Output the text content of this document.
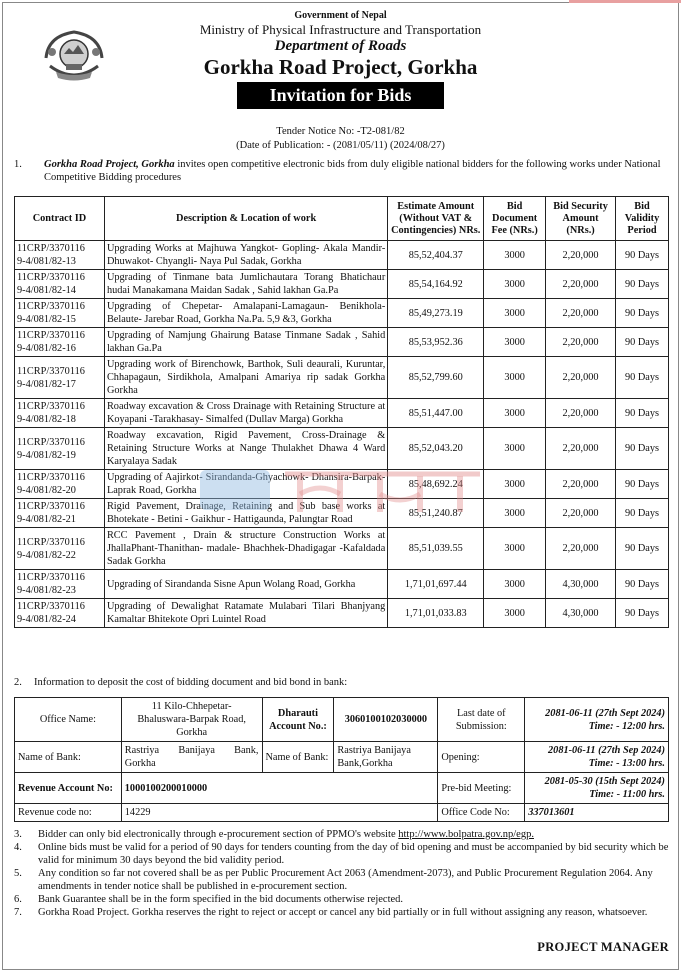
Government of Nepal
Ministry of Physical Infrastructure and Transportation
Department of Roads
Gorkha Road Project, Gorkha
Invitation for Bids
Tender Notice No: -T2-081/82
(Date of Publication: - (2081/05/11) (2024/08/27)
1. Gorkha Road Project, Gorkha invites open competitive electronic bids from duly eligible national bidders for the following works under National Competitive Bidding procedures
Contract ID	Description & Location of work	Estimate Amount
(Without VAT &
Contingencies) NRs.	Bid
Document
Fee (NRs.)	Bid Security
Amount
(NRs.)	Bid
Validity
Period
11CRP/3370116
9-4/081/82-13	Upgrading Works at Majhuwa Yangkot- Gopling- Akala Mandir- Dhuwakot- Chyangli- Naya Pul Sadak, Gorkha	85,52,404.37	3000	2,20,000	90 Days
11CRP/3370116
9-4/081/82-14	Upgrading of Tinmane bata Jumlichautara Torang Bhatichaur hudai Manakamana Maidan Sadak , Sahid lakhan Ga.Pa	85,54,164.92	3000	2,20,000	90 Days
11CRP/3370116
9-4/081/82-15	Upgrading of Chepetar- Amalapani-Lamagaun- Benikhola-Belaute- Jarebar Road, Gorkha Na.Pa. 5,9 &3, Gorkha	85,49,273.19	3000	2,20,000	90 Days
11CRP/3370116
9-4/081/82-16	Upgrading of Namjung Ghairung Batase Tinmane Sadak , Sahid lakhan Ga.Pa	85,53,952.36	3000	2,20,000	90 Days
11CRP/3370116
9-4/081/82-17	Upgrading work of Birenchowk, Barthok, Suli deaurali, Kuruntar, Chhapagaun, Sirdikhola, Amalpani Amariya rip sadak Gorkha Gorkha	85,52,799.60	3000	2,20,000	90 Days
11CRP/3370116
9-4/081/82-18	Roadway excavation & Cross Drainage with Retaining Structure at Koyapani -Tarakhasay- Simalfed (Dullav Marga) Gorkha	85,51,447.00	3000	2,20,000	90 Days
11CRP/3370116
9-4/081/82-19	Roadway excavation, Rigid Pavement, Cross-Drainage & Retaining Structure Works at Nange Thulakhet Dhawa 4 Ward Karyalaya Sadak	85,52,043.20	3000	2,20,000	90 Days
11CRP/3370116
9-4/081/82-20	Upgrading of Aajirkot- Sirandanda-Ghyachowk- Dhansira-Barpak- Laprak Road, Gorkha	85,48,692.24	3000	2,20,000	90 Days
11CRP/3370116
9-4/081/82-21	Rigid Pavement, Drainage, Retaining and Sub base works at Bhotekate - Betini - Gaikhur - Hattigaunda, Palungtar Road	85,51,240.87	3000	2,20,000	90 Days
11CRP/3370116
9-4/081/82-22	RCC Pavement , Drain & structure Construction Works at JhallaPhant-Thanithan- madale- Bhachhek-Dhadigagar -Kafaldada Sadak Gorkha	85,51,039.55	3000	2,20,000	90 Days
11CRP/3370116
9-4/081/82-23	Upgrading of Sirandanda Sisne Apun Wolang Road, Gorkha	1,71,01,697.44	3000	4,30,000	90 Days
11CRP/3370116
9-4/081/82-24	Upgrading of Dewalighat Ratamate Mulabari Tilari Bhanjyang Kamaltar Bhitekote Opri Luintel Road	1,71,01,033.83	3000	4,30,000	90 Days
2. Information to deposit the cost of bidding document and bid bond in bank:
Office Name:	11 Kilo-Chhepetar-
Bhaluswara-Barpak Road,
Gorkha	Dharauti
Account No.:	3060100102030000	Last date of
Submission:	2081-06-11 (27th Sept 2024)
Time: - 12:00 hrs.
Name of Bank:	Rastriya Banijaya Bank, Gorkha	Name of Bank:	Rastriya Banijaya
Bank,Gorkha	Opening:	2081-06-11 (27th Sep 2024)
Time: - 13:00 hrs.
Revenue Account No:	1000100200010000			Pre-bid Meeting:	2081-05-30 (15th Sept 2024)
Time: - 11:00 hrs.
Revenue code no:	14229			Office Code No:	337013601
3. Bidder can only bid electronically through e-procurement section of PPMO's website http://www.bolpatra.gov.np/egp.
4. Online bids must be valid for a period of 90 days for tenders counting from the day of bid opening and must be accompanied by bid security which be valid for minimum 30 days beyond the bid validity period.
5. Any condition so far not covered shall be as per Public Procurement Act 2063 (Amendment-2073), and Public Procurement Regulation 2064. Any amendments in tender notice shall be published in e-procurement section.
6. Bank Guarantee shall be in the form specified in the bid documents otherwise rejected.
7. Gorkha Road Project. Gorkha reserves the right to reject or accept or cancel any bid partially or in full without assigning any reason, whatsoever.
PROJECT MANAGER
